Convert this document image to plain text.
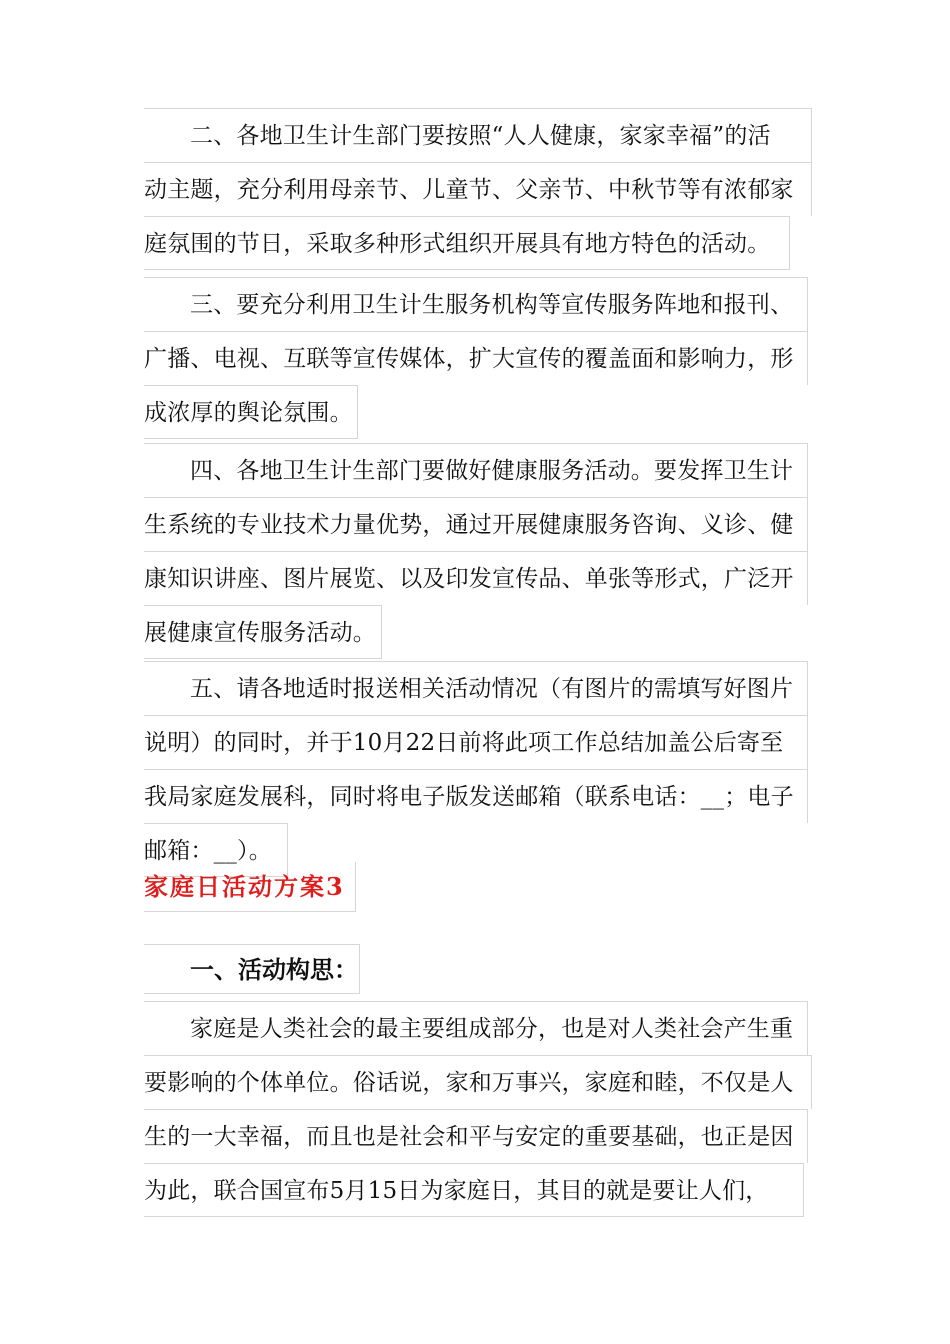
二、各地卫生计生部门要按照“人人健康，家家幸福”的活
动主题，充分利用母亲节、儿童节、父亲节、中秋节等有浓郁家
庭氛围的节日，采取多种形式组织开展具有地方特色的活动。
三、要充分利用卫生计生服务机构等宣传服务阵地和报刊、
广播、电视、互联等宣传媒体，扩大宣传的覆盖面和影响力，形
成浓厚的舆论氛围。
四、各地卫生计生部门要做好健康服务活动。要发挥卫生计
生系统的专业技术力量优势，通过开展健康服务咨询、义诊、健
康知识讲座、图片展览、以及印发宣传品、单张等形式，广泛开
展健康宣传服务活动。
五、请各地适时报送相关活动情况（有图片的需填写好图片
说明）的同时，并于10月22日前将此项工作总结加盖公后寄至
我局家庭发展科，同时将电子版发送邮箱（联系电话：__；电子
邮箱：__）。
家庭日活动方案3
一、活动构思：
家庭是人类社会的最主要组成部分，也是对人类社会产生重
要影响的个体单位。俗话说，家和万事兴，家庭和睦，不仅是人
生的一大幸福，而且也是社会和平与安定的重要基础，也正是因
为此，联合国宣布5月15日为家庭日，其目的就是要让人们，
